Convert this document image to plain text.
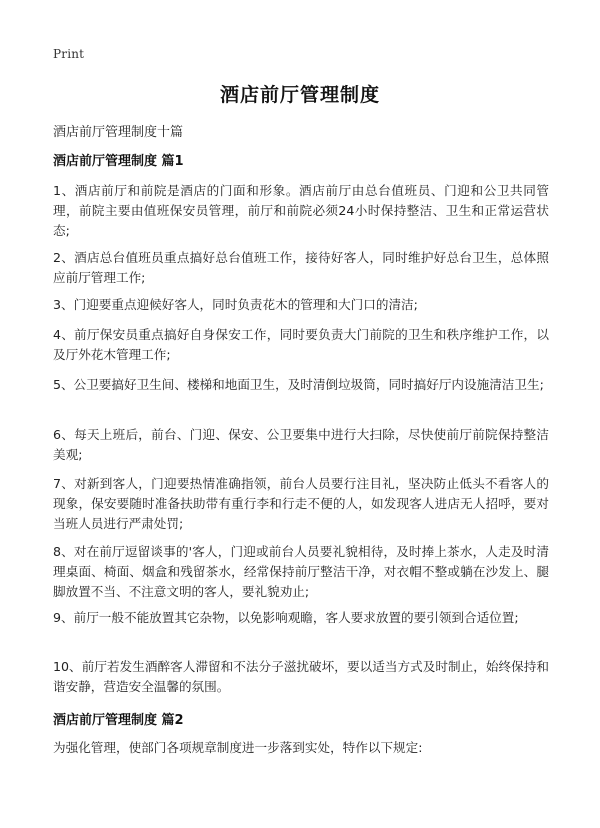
Print
酒店前厅管理制度
酒店前厅管理制度十篇
酒店前厅管理制度 篇1
1、酒店前厅和前院是酒店的门面和形象。酒店前厅由总台值班员、门迎和公卫共同管理，前院主要由值班保安员管理，前厅和前院必须24小时保持整洁、卫生和正常运营状态;
2、酒店总台值班员重点搞好总台值班工作，接待好客人，同时维护好总台卫生，总体照应前厅管理工作;
3、门迎要重点迎候好客人，同时负责花木的管理和大门口的清洁;
4、前厅保安员重点搞好自身保安工作，同时要负责大门前院的卫生和秩序维护工作，以及厅外花木管理工作;
5、公卫要搞好卫生间、楼梯和地面卫生，及时清倒垃圾筒，同时搞好厅内设施清洁卫生;
6、每天上班后，前台、门迎、保安、公卫要集中进行大扫除，尽快使前厅前院保持整洁美观;
7、对新到客人，门迎要热情准确指领，前台人员要行注目礼，坚决防止低头不看客人的现象，保安要随时准备扶助带有重行李和行走不便的人，如发现客人进店无人招呼，要对当班人员进行严肃处罚;
8、对在前厅逗留谈事的'客人，门迎或前台人员要礼貌相待，及时捧上茶水，人走及时清理桌面、椅面、烟盒和残留茶水，经常保持前厅整洁干净，对衣帽不整或躺在沙发上、腿脚放置不当、不注意文明的客人，要礼貌劝止;
9、前厅一般不能放置其它杂物，以免影响观瞻，客人要求放置的要引领到合适位置;
10、前厅若发生酒醉客人滞留和不法分子滋扰破坏，要以适当方式及时制止，始终保持和谐安静，营造安全温馨的氛围。
酒店前厅管理制度 篇2
为强化管理，使部门各项规章制度进一步落到实处，特作以下规定:
